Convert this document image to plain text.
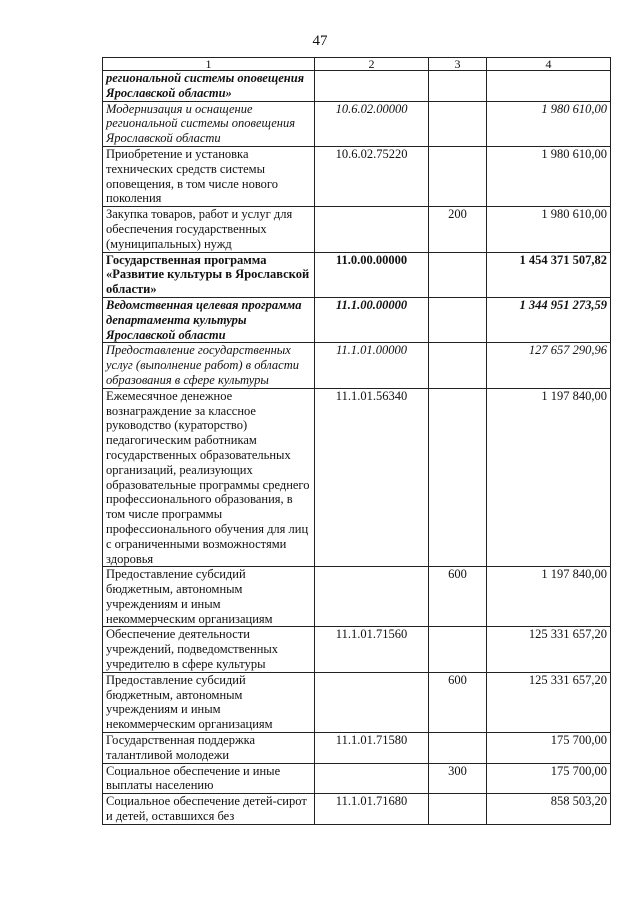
47
1	2	3	4
региональной системы оповещения Ярославской области»			
Модернизация и оснащение региональной системы оповещения Ярославской области	10.6.02.00000		1 980 610,00
Приобретение и установка технических средств системы оповещения, в том числе нового поколения	10.6.02.75220		1 980 610,00
Закупка товаров, работ и услуг для обеспечения государственных (муниципальных) нужд		200	1 980 610,00
Государственная программа «Развитие культуры в Ярославской области»	11.0.00.00000		1 454 371 507,82
Ведомственная целевая программа департамента культуры Ярославской области	11.1.00.00000		1 344 951 273,59
Предоставление государственных услуг (выполнение работ) в области образования в сфере культуры	11.1.01.00000		127 657 290,96
Ежемесячное денежное вознаграждение за классное руководство (кураторство) педагогическим работникам государственных образовательных организаций, реализующих образовательные программы среднего профессионального образования, в том числе программы профессионального обучения для лиц с ограниченными возможностями здоровья	11.1.01.56340		1 197 840,00
Предоставление субсидий бюджетным, автономным учреждениям и иным некоммерческим организациям		600	1 197 840,00
Обеспечение деятельности учреждений, подведомственных учредителю в сфере культуры	11.1.01.71560		125 331 657,20
Предоставление субсидий бюджетным, автономным учреждениям и иным некоммерческим организациям		600	125 331 657,20
Государственная поддержка талантливой молодежи	11.1.01.71580		175 700,00
Социальное обеспечение и иные выплаты населению		300	175 700,00
Социальное обеспечение детей-сирот и детей, оставшихся без	11.1.01.71680		858 503,20
